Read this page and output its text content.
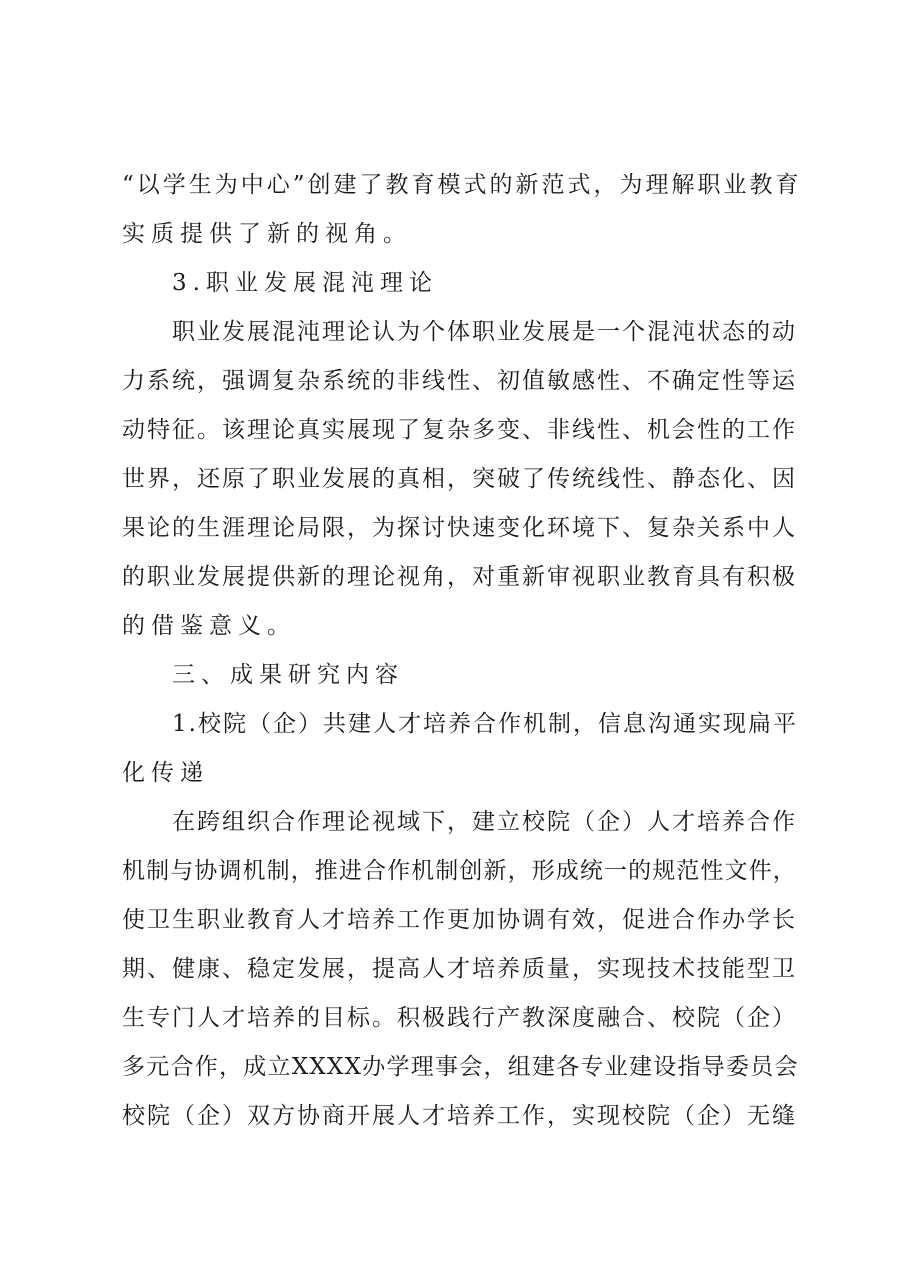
“以学生为中心”创建了教育模式的新范式，为理解职业教育
实质提供了新的视角。
3.职业发展混沌理论
职业发展混沌理论认为个体职业发展是一个混沌状态的动
力系统，强调复杂系统的非线性、初值敏感性、不确定性等运
动特征。该理论真实展现了复杂多变、非线性、机会性的工作
世界，还原了职业发展的真相，突破了传统线性、静态化、因
果论的生涯理论局限，为探讨快速变化环境下、复杂关系中人
的职业发展提供新的理论视角，对重新审视职业教育具有积极
的借鉴意义。
三、成果研究内容
1.校院（企）共建人才培养合作机制，信息沟通实现扁平
化传递
在跨组织合作理论视域下，建立校院（企）人才培养合作
机制与协调机制，推进合作机制创新，形成统一的规范性文件，
使卫生职业教育人才培养工作更加协调有效，促进合作办学长
期、健康、稳定发展，提高人才培养质量，实现技术技能型卫
生专门人才培养的目标。积极践行产教深度融合、校院（企）
多元合作，成立XXXX办学理事会，组建各专业建设指导委员会
校院（企）双方协商开展人才培养工作，实现校院（企）无缝
